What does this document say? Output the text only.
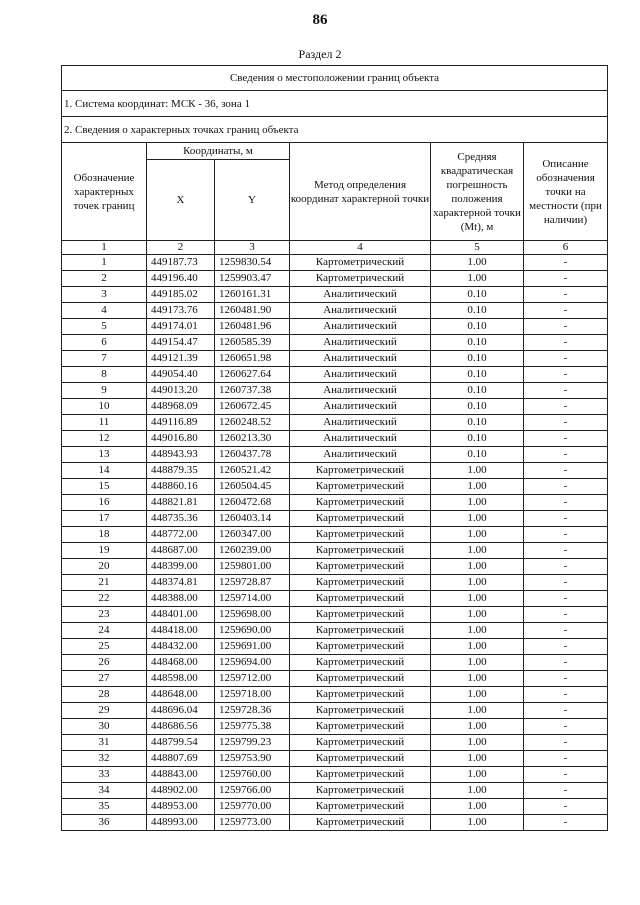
86
Раздел 2
Сведения о местоположении границ объекта					
1. Система координат: МСК - 36, зона 1					
2. Сведения о характерных точках границ объекта					
Обозначение характерных точек границ	Координаты, м		Метод определения координат характерной точки	Средняя квадратическая погрешность положения характерной точки (Mt), м	Описание обозначения точки на местности (при наличии)
	X	Y			
1	2	3	4	5	6
1	449187.73	1259830.54	Картометрический	1.00	-
2	449196.40	1259903.47	Картометрический	1.00	-
3	449185.02	1260161.31	Аналитический	0.10	-
4	449173.76	1260481.90	Аналитический	0.10	-
5	449174.01	1260481.96	Аналитический	0.10	-
6	449154.47	1260585.39	Аналитический	0.10	-
7	449121.39	1260651.98	Аналитический	0.10	-
8	449054.40	1260627.64	Аналитический	0.10	-
9	449013.20	1260737.38	Аналитический	0.10	-
10	448968.09	1260672.45	Аналитический	0.10	-
11	449116.89	1260248.52	Аналитический	0.10	-
12	449016.80	1260213.30	Аналитический	0.10	-
13	448943.93	1260437.78	Аналитический	0.10	-
14	448879.35	1260521.42	Картометрический	1.00	-
15	448860.16	1260504.45	Картометрический	1.00	-
16	448821.81	1260472.68	Картометрический	1.00	-
17	448735.36	1260403.14	Картометрический	1.00	-
18	448772.00	1260347.00	Картометрический	1.00	-
19	448687.00	1260239.00	Картометрический	1.00	-
20	448399.00	1259801.00	Картометрический	1.00	-
21	448374.81	1259728.87	Картометрический	1.00	-
22	448388.00	1259714.00	Картометрический	1.00	-
23	448401.00	1259698.00	Картометрический	1.00	-
24	448418.00	1259690.00	Картометрический	1.00	-
25	448432.00	1259691.00	Картометрический	1.00	-
26	448468.00	1259694.00	Картометрический	1.00	-
27	448598.00	1259712.00	Картометрический	1.00	-
28	448648.00	1259718.00	Картометрический	1.00	-
29	448696.04	1259728.36	Картометрический	1.00	-
30	448686.56	1259775.38	Картометрический	1.00	-
31	448799.54	1259799.23	Картометрический	1.00	-
32	448807.69	1259753.90	Картометрический	1.00	-
33	448843.00	1259760.00	Картометрический	1.00	-
34	448902.00	1259766.00	Картометрический	1.00	-
35	448953.00	1259770.00	Картометрический	1.00	-
36	448993.00	1259773.00	Картометрический	1.00	-
